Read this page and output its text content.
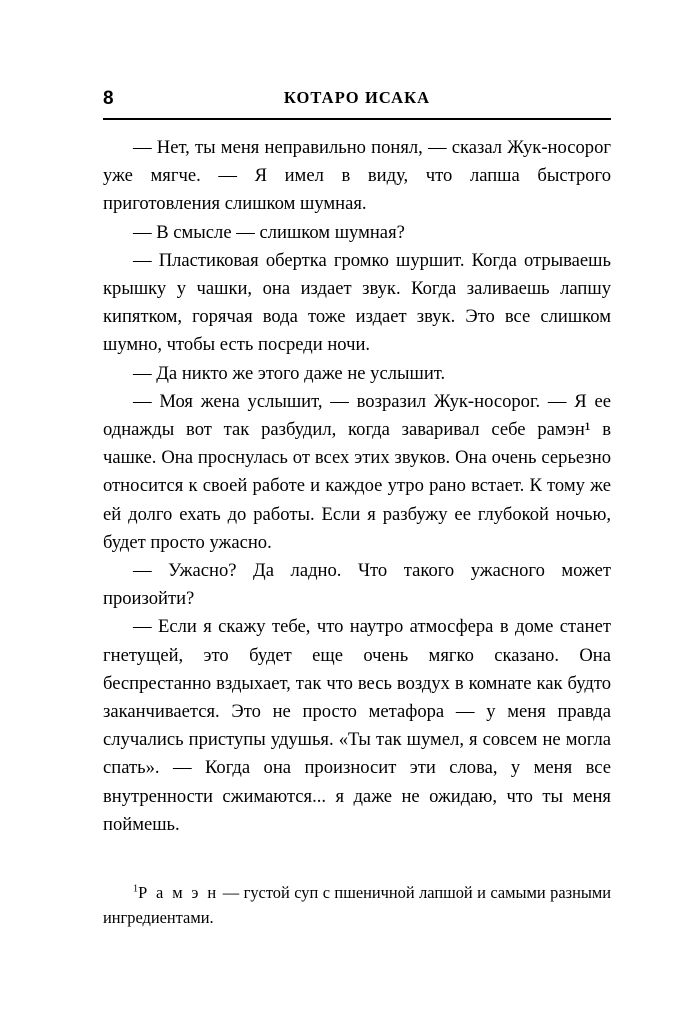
8	КОТАРО ИСАКА

— Нет, ты меня неправильно понял, — сказал Жук-носорог уже мягче. — Я имел в виду, что лапша быстрого приготовления слишком шумная.

— В смысле — слишком шумная?

— Пластиковая обертка громко шуршит. Когда отрываешь крышку у чашки, она издает звук. Когда заливаешь лапшу кипятком, горячая вода тоже издает звук. Это все слишком шумно, чтобы есть посреди ночи.

— Да никто же этого даже не услышит.

— Моя жена услышит, — возразил Жук-носорог. — Я ее однажды вот так разбудил, когда заваривал себе рамэн¹ в чашке. Она проснулась от всех этих звуков. Она очень серьезно относится к своей работе и каждое утро рано встает. К тому же ей долго ехать до работы. Если я разбужу ее глубокой ночью, будет просто ужасно.

— Ужасно? Да ладно. Что такого ужасного может произойти?

— Если я скажу тебе, что наутро атмосфера в доме станет гнетущей, это будет еще очень мягко сказано. Она беспрестанно вздыхает, так что весь воздух в комнате как будто заканчивается. Это не просто метафора — у меня правда случались приступы удушья. «Ты так шумел, я совсем не могла спать». — Когда она произносит эти слова, у меня все внутренности сжимаются... я даже не ожидаю, что ты меня поймешь.

$^1$Р а м э н — густой суп с пшеничной лапшой и самыми разными ингредиентами.
